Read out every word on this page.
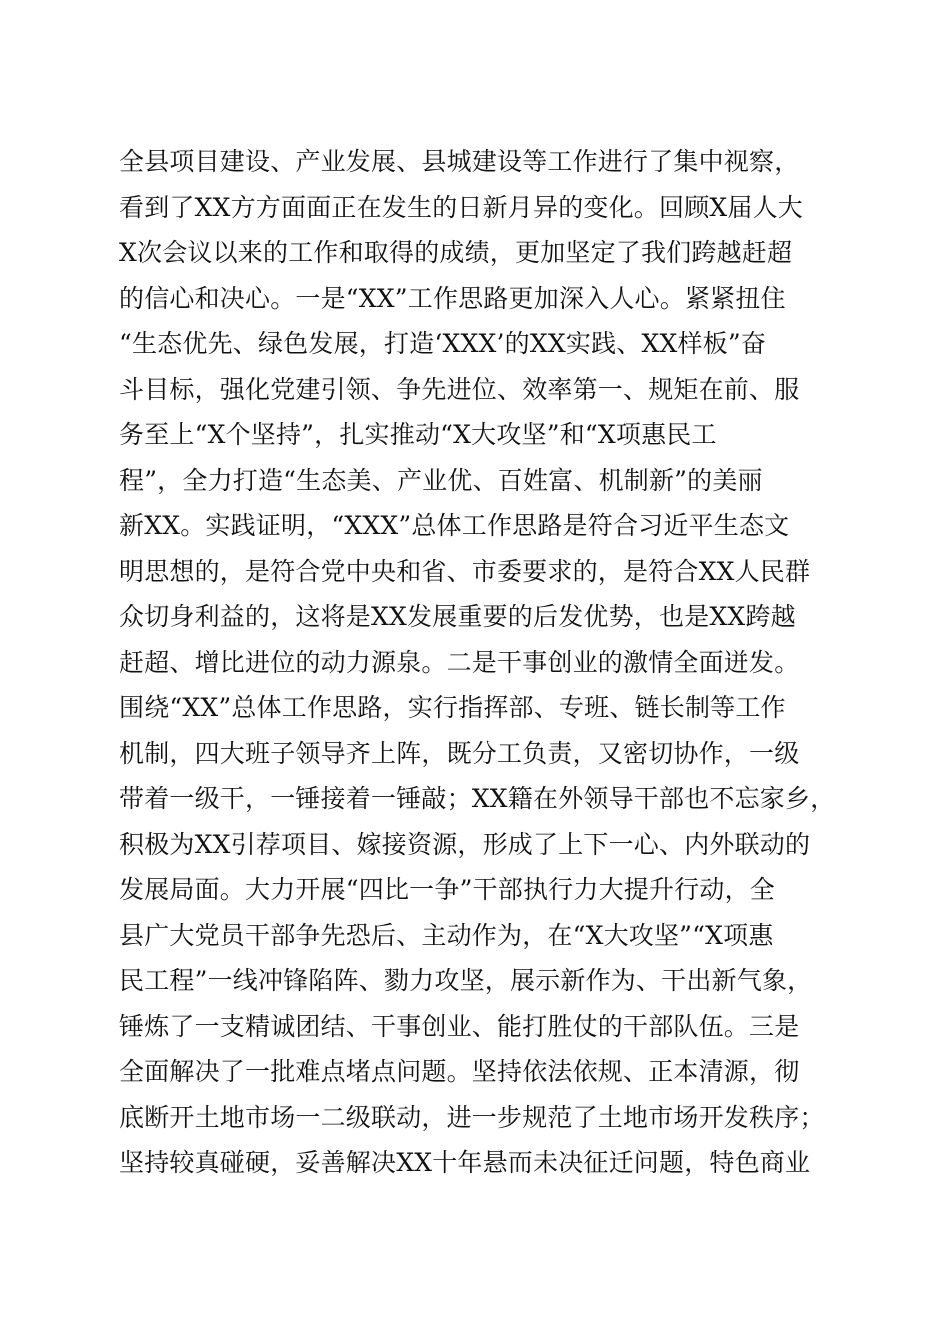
全县项目建设、产业发展、县城建设等工作进行了集中视察，
看到了XX方方面面正在发生的日新月异的变化。回顾X届人大
X次会议以来的工作和取得的成绩，更加坚定了我们跨越赶超
的信心和决心。一是“XX”工作思路更加深入人心。紧紧扭住
“生态优先、绿色发展，打造‘XXX’的XX实践、XX样板”奋
斗目标，强化党建引领、争先进位、效率第一、规矩在前、服
务至上“X个坚持”，扎实推动“X大攻坚”和“X项惠民工
程”，全力打造“生态美、产业优、百姓富、机制新”的美丽
新XX。实践证明，“XXX”总体工作思路是符合习近平生态文
明思想的，是符合党中央和省、市委要求的，是符合XX人民群
众切身利益的，这将是XX发展重要的后发优势，也是XX跨越
赶超、增比进位的动力源泉。二是干事创业的激情全面迸发。
围绕“XX”总体工作思路，实行指挥部、专班、链长制等工作
机制，四大班子领导齐上阵，既分工负责，又密切协作，一级
带着一级干，一锤接着一锤敲；XX籍在外领导干部也不忘家乡，
积极为XX引荐项目、嫁接资源，形成了上下一心、内外联动的
发展局面。大力开展“四比一争”干部执行力大提升行动，全
县广大党员干部争先恐后、主动作为，在“X大攻坚”“X项惠
民工程”一线冲锋陷阵、勠力攻坚，展示新作为、干出新气象，
锤炼了一支精诚团结、干事创业、能打胜仗的干部队伍。三是
全面解决了一批难点堵点问题。坚持依法依规、正本清源，彻
底断开土地市场一二级联动，进一步规范了土地市场开发秩序；
坚持较真碰硬，妥善解决XX十年悬而未决征迁问题，特色商业
